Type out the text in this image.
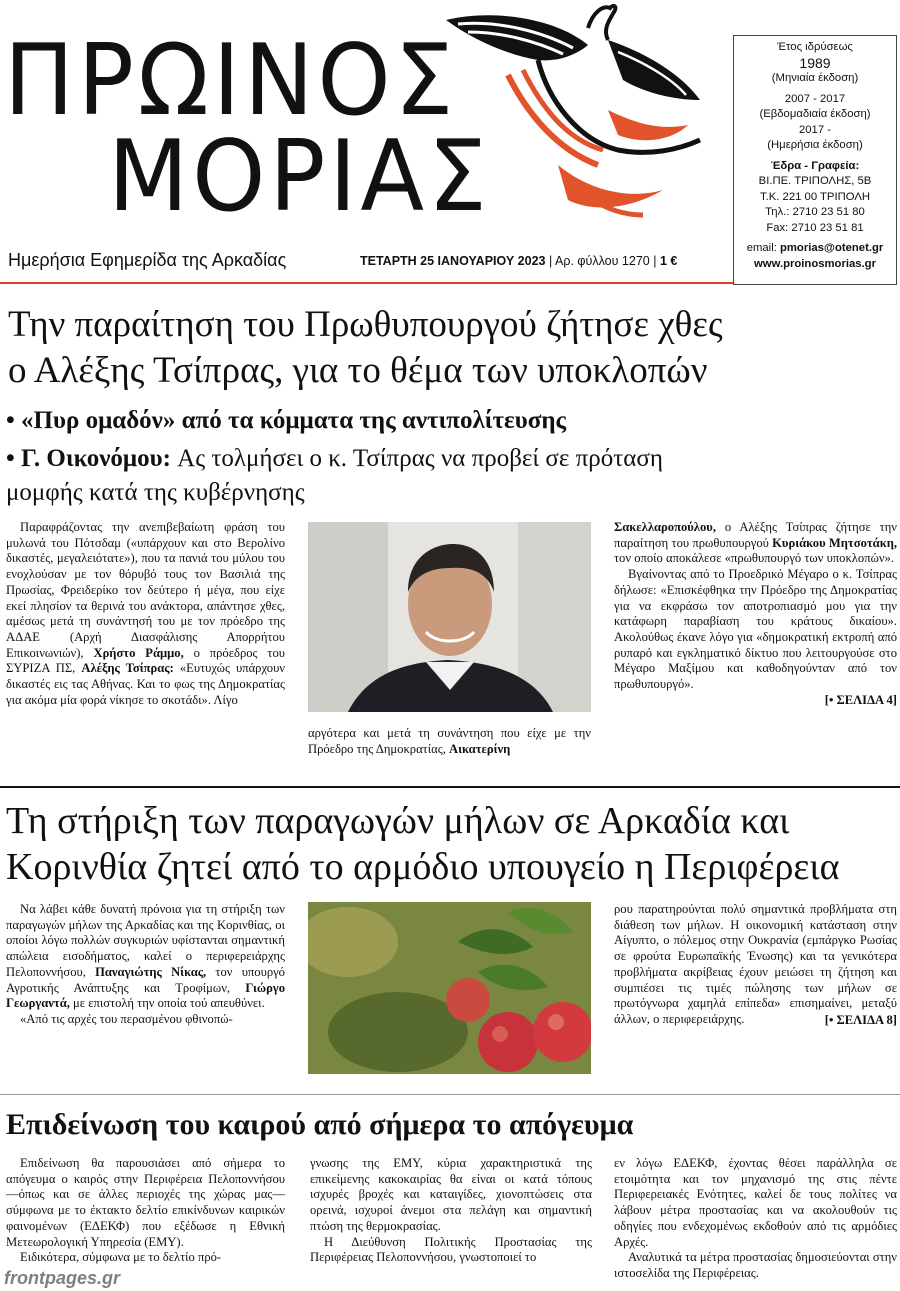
ΠΡΩΙΝΟΣ
ΜΟΡΙΑΣ
Έτος ιδρύσεως
1989
(Μηνιαία έκδοση)
2007 - 2017
(Εβδομαδιαία έκδοση)
2017 -
(Ημερήσια έκδοση)
Έδρα - Γραφεία:
ΒΙ.ΠΕ. ΤΡΙΠΟΛΗΣ, 5Β
Τ.Κ. 221 00 ΤΡΙΠΟΛΗ
Τηλ.: 2710 23 51 80
Fax: 2710 23 51 81
email: pmorias@otenet.gr
www.proinosmorias.gr
Ημερήσια Εφημερίδα της Αρκαδίας	ΤΕΤΑΡΤΗ 25 ΙΑΝΟΥΑΡΙΟΥ 2023 | Αρ. φύλλου 1270 | 1 €
Την παραίτηση του Πρωθυπουργού ζήτησε χθες
ο Αλέξης Τσίπρας, για το θέμα των υποκλοπών
• «Πυρ ομαδόν» από τα κόμματα της αντιπολίτευσης
• Γ. Οικονόμου: Ας τολμήσει ο κ. Τσίπρας να προβεί σε πρόταση
μομφής κατά της κυβέρνησης

Παραφράζοντας την ανεπιβεβαίωτη φράση του μυλωνά του Πότσδαμ («υπάρχουν και στο Βερολίνο δικαστές, μεγαλειότατε»), που τα πανιά του μύλου του ενοχλούσαν με τον θόρυβό τους τον Βασιλιά της Πρωσίας, Φρειδερίκο τον δεύτερο ή μέγα, που είχε εκεί πλησίον τα θερινά του ανάκτορα, απάντησε χθες, αμέσως μετά τη συνάντησή του με τον πρόεδρο της ΑΔΑΕ (Αρχή Διασφάλισης Απορρήτου Επικοινωνιών), Χρήστο Ράμμο, ο πρόεδρος του ΣΥΡΙΖΑ ΠΣ, Αλέξης Τσίπρας: «Ευτυχώς υπάρχουν δικαστές εις τας Αθήνας. Και το φως της Δημοκρατίας για ακόμα μία φορά νίκησε το σκοτάδι». Λίγο

αργότερα και μετά τη συνάντηση που είχε με την Πρόεδρο της Δημοκρατίας, Αικατερίνη

Σακελλαροπούλου, ο Αλέξης Τσίπρας ζήτησε την παραίτηση του πρωθυπουργού Κυριάκου Μητσοτάκη, τον οποίο αποκάλεσε «πρωθυπουργό των υποκλοπών».

Βγαίνοντας από το Προεδρικό Μέγαρο ο κ. Τσίπρας δήλωσε: «Επισκέφθηκα την Πρόεδρο της Δημοκρατίας για να εκφράσω τον αποτροπιασμό μου για την κατάφωρη παραβίαση του κράτους δικαίου». Ακολούθως έκανε λόγο για «δημοκρατική εκτροπή από ρυπαρό και εγκληματικό δίκτυο που λειτουργούσε στο Μέγαρο Μαξίμου και καθοδηγούνταν από τον πρωθυπουργό».

[• ΣΕΛΙΔΑ 4]
Τη στήριξη των παραγωγών μήλων σε Αρκαδία και
Κορινθία ζητεί από το αρμόδιο υπουγείο η Περιφέρεια

Να λάβει κάθε δυνατή πρόνοια για τη στήριξη των παραγωγών μήλων της Αρκαδίας και της Κορινθίας, οι οποίοι λόγω πολλών συγκυριών υφίστανται σημαντική απώλεια εισοδήματος, καλεί ο περιφερειάρχης Πελοποννήσου, Παναγιώτης Νίκας, τον υπουργό Αγροτικής Ανάπτυξης και Τροφίμων, Γιώργο Γεωργαντά, με επιστολή την οποία τού απευθύνει.

«Από τις αρχές του περασμένου φθινοπώ-

ρου παρατηρούνται πολύ σημαντικά προβλήματα στη διάθεση των μήλων. Η οικονομική κατάσταση στην Αίγυπτο, ο πόλεμος στην Ουκρανία (εμπάργκο Ρωσίας σε φρούτα Ευρωπαϊκής Ένωσης) και τα γενικότερα προβλήματα ακρίβειας έχουν μειώσει τη ζήτηση και συμπιέσει τις τιμές πώλησης των μήλων σε πρωτόγνωρα χαμηλά επίπεδα» επισημαίνει, μεταξύ άλλων, ο περιφερειάρχης.	[• ΣΕΛΙΔΑ 8]
Επιδείνωση του καιρού από σήμερα το απόγευμα

Επιδείνωση θα παρουσιάσει από σήμερα το απόγευμα ο καιρός στην Περιφέρεια Πελοποννήσου —όπως και σε άλλες περιοχές της χώρας μας— σύμφωνα με το έκτακτο δελτίο επικίνδυνων καιρικών φαινομένων (ΕΔΕΚΦ) που εξέδωσε η Εθνική Μετεωρολογική Υπηρεσία (ΕΜΥ).

Ειδικότερα, σύμφωνα με το δελτίο πρό-

γνωσης της ΕΜΥ, κύρια χαρακτηριστικά της επικείμενης κακοκαιρίας θα είναι οι κατά τόπους ισχυρές βροχές και καταιγίδες, χιονοπτώσεις στα ορεινά, ισχυροί άνεμοι στα πελάγη και σημαντική πτώση της θερμοκρασίας.

Η Διεύθυνση Πολιτικής Προστασίας της Περιφέρειας Πελοποννήσου, γνωστοποιεί το

εν λόγω ΕΔΕΚΦ, έχοντας θέσει παράλληλα σε ετοιμότητα και τον μηχανισμό της στις πέντε Περιφερειακές Ενότητες, καλεί δε τους πολίτες να λάβουν μέτρα προστασίας και να ακολουθούν τις οδηγίες που ενδεχομένως εκδοθούν από τις αρμόδιες Αρχές.

Αναλυτικά τα μέτρα προστασίας δημοσιεύονται στην ιστοσελίδα της Περιφέρειας.

frontpages.gr
